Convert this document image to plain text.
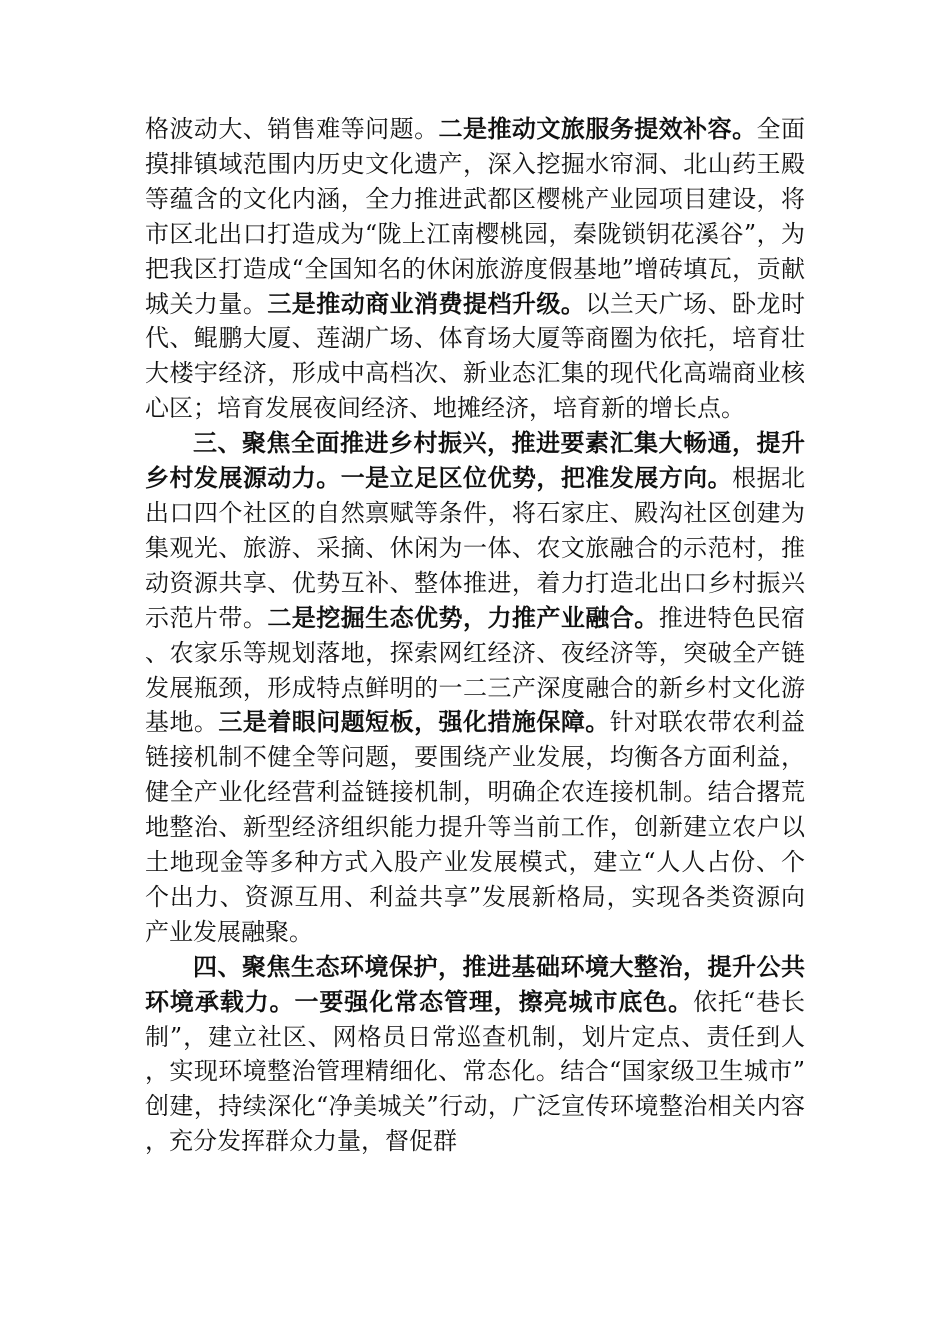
格波动大、销售难等问题。二是推动文旅服务提效补容。全面摸排镇域范围内历史文化遗产，深入挖掘水帘洞、北山药王殿等蕴含的文化内涵，全力推进武都区樱桃产业园项目建设，将市区北出口打造成为“陇上江南樱桃园，秦陇锁钥花溪谷”，为把我区打造成“全国知名的休闲旅游度假基地”增砖填瓦，贡献城关力量。三是推动商业消费提档升级。以兰天广场、卧龙时代、鲲鹏大厦、莲湖广场、体育场大厦等商圈为依托，培育壮大楼宇经济，形成中高档次、新业态汇集的现代化高端商业核心区；培育发展夜间经济、地摊经济，培育新的增长点。

三、聚焦全面推进乡村振兴，推进要素汇集大畅通，提升乡村发展源动力。一是立足区位优势，把准发展方向。根据北出口四个社区的自然禀赋等条件，将石家庄、殿沟社区创建为集观光、旅游、采摘、休闲为一体、农文旅融合的示范村，推动资源共享、优势互补、整体推进，着力打造北出口乡村振兴示范片带。二是挖掘生态优势，力推产业融合。推进特色民宿、农家乐等规划落地，探索网红经济、夜经济等，突破全产链发展瓶颈，形成特点鲜明的一二三产深度融合的新乡村文化游基地。三是着眼问题短板，强化措施保障。针对联农带农利益链接机制不健全等问题，要围绕产业发展，均衡各方面利益，健全产业化经营利益链接机制，明确企农连接机制。结合撂荒地整治、新型经济组织能力提升等当前工作，创新建立农户以土地现金等多种方式入股产业发展模式，建立“人人占份、个个出力、资源互用、利益共享”发展新格局，实现各类资源向产业发展融聚。

四、聚焦生态环境保护，推进基础环境大整治，提升公共环境承载力。一要强化常态管理，擦亮城市底色。依托“巷长制”，建立社区、网格员日常巡查机制，划片定点、责任到人，实现环境整治管理精细化、常态化。结合“国家级卫生城市”创建，持续深化“净美城关”行动，广泛宣传环境整治相关内容，充分发挥群众力量，督促群
